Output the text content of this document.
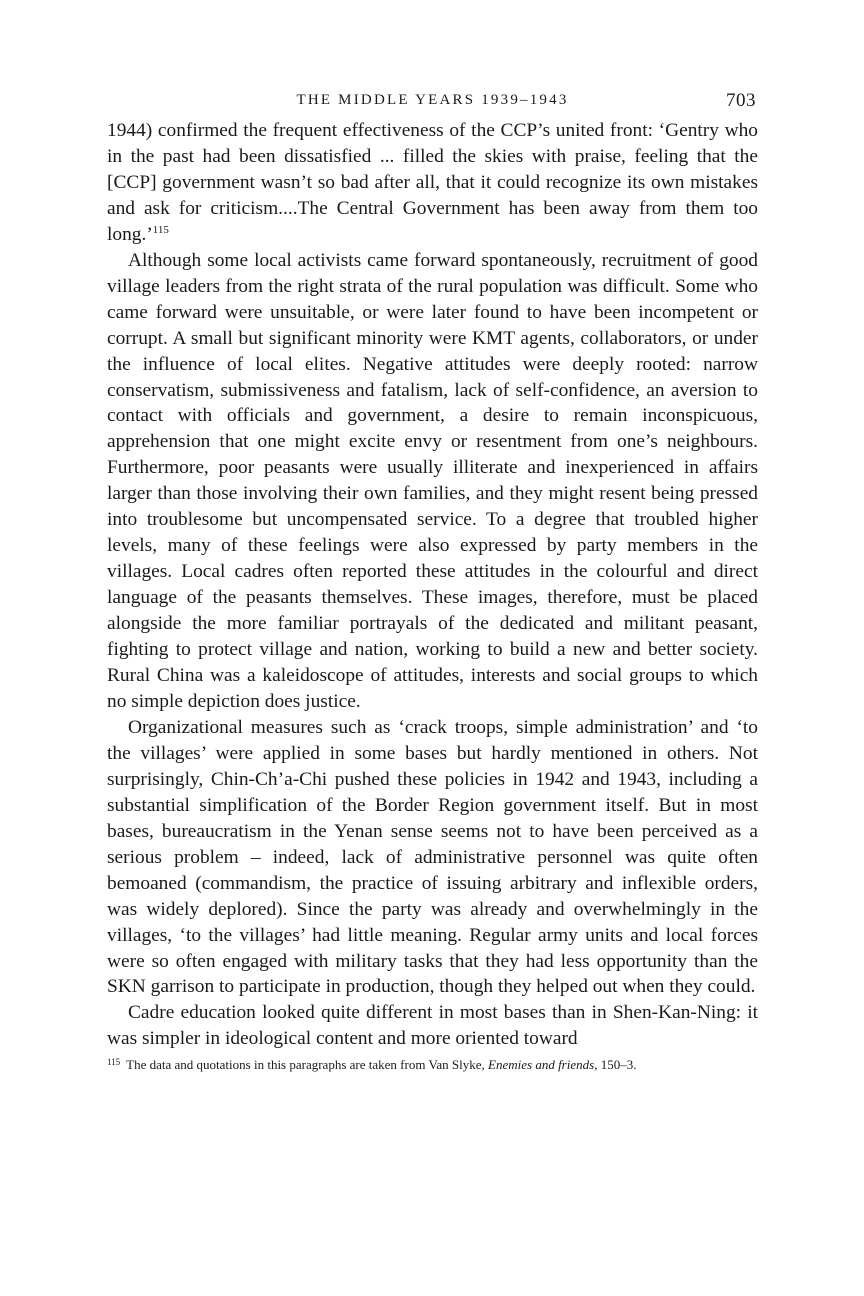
THE MIDDLE YEARS 1939–1943	703

1944) confirmed the frequent effectiveness of the CCP’s united front: ‘Gentry who in the past had been dissatisfied ... filled the skies with praise, feeling that the [CCP] government wasn’t so bad after all, that it could recognize its own mistakes and ask for criticism....The Central Government has been away from them too long.’$^{115}$

Although some local activists came forward spontaneously, recruitment of good village leaders from the right strata of the rural population was difficult. Some who came forward were unsuitable, or were later found to have been incompetent or corrupt. A small but significant minority were KMT agents, collaborators, or under the influence of local elites. Negative attitudes were deeply rooted: narrow conservatism, submissiveness and fatalism, lack of self-confidence, an aversion to contact with officials and government, a desire to remain inconspicuous, apprehension that one might excite envy or resentment from one’s neighbours. Furthermore, poor peasants were usually illiterate and inexperienced in affairs larger than those involving their own families, and they might resent being pressed into troublesome but uncompensated service. To a degree that troubled higher levels, many of these feelings were also expressed by party members in the villages. Local cadres often reported these attitudes in the colourful and direct language of the peasants themselves. These images, therefore, must be placed alongside the more familiar portrayals of the dedicated and militant peasant, fighting to protect village and nation, working to build a new and better society. Rural China was a kaleidoscope of attitudes, interests and social groups to which no simple depiction does justice.

Organizational measures such as ‘crack troops, simple administration’ and ‘to the villages’ were applied in some bases but hardly mentioned in others. Not surprisingly, Chin-Ch’a-Chi pushed these policies in 1942 and 1943, including a substantial simplification of the Border Region government itself. But in most bases, bureaucratism in the Yenan sense seems not to have been perceived as a serious problem – indeed, lack of administrative personnel was quite often bemoaned (commandism, the practice of issuing arbitrary and inflexible orders, was widely deplored). Since the party was already and overwhelmingly in the villages, ‘to the villages’ had little meaning. Regular army units and local forces were so often engaged with military tasks that they had less opportunity than the SKN garrison to participate in production, though they helped out when they could.

Cadre education looked quite different in most bases than in Shen-Kan-Ning: it was simpler in ideological content and more oriented toward

$^{115}$ The data and quotations in this paragraphs are taken from Van Slyke, Enemies and friends, 150–3.
